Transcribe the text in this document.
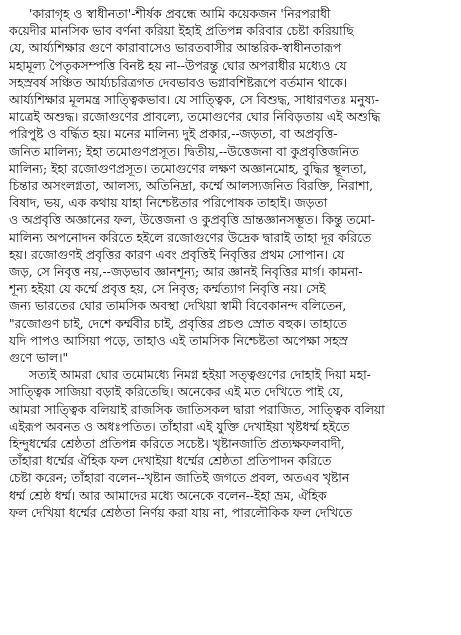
'কারাগৃহ ও স্বাধীনতা'-শীর্ষক প্রবন্ধে আমি কয়েকজন 'নিরপরাধী
কয়েদীর মানসিক ভাব বর্ণনা করিয়া ইহাই প্রতিপন্ন করিবার চেষ্টা করিয়াছি
যে, আর্য্যশিক্ষার গুণে কারাবাসেও ভারতবাসীর আন্তরিক-স্বাধীনতারূপ
মহামূল্য পৈতৃকসম্পত্তি বিনষ্ট হয় না--উপরন্তু ঘোর অপরাধীর মধ্যেও যে
সহস্রবর্ষ সঞ্চিত আর্য্যচরিত্রগত দেবভাবও ভগ্নাবশিষ্টরূপে বর্তমান থাকে।
আর্য্যশিক্ষার মূলমন্ত্র সাত্ত্বিকভাব। যে সাত্ত্বিক, সে বিশুদ্ধ, সাধারণতঃ মনুষ্য-
মাত্রেই অশুদ্ধ। রজোগুণের প্রাবল্যে, তমোগুণের ঘোর নিবিড়তায় এই অশুদ্ধি
পরিপুষ্ট ও বর্দ্ধিত হয়। মনের মালিন্য দুই প্রকার,--জড়তা, বা অপ্রবৃত্তি-
জনিত মালিন্য; ইহা তমোগুণপ্রসূত। দ্বিতীয়,--উত্তেজনা বা কুপ্রবৃত্তিজনিত
মালিন্য; ইহা রজোগুণপ্রসূত। তমোগুণের লক্ষণ অজ্ঞানমোহ, বুদ্ধির স্থূলতা,
চিন্তার অসংলগ্নতা, আলস্য, অতিনিদ্রা, কর্ম্মে আলস্যজনিত বিরক্তি, নিরাশা,
বিষাদ, ভয়, এক কথায় যাহা নিশ্চেষ্টতার পরিপোষক তাহাই। জড়তা
ও অপ্রবৃত্তি অজ্ঞানের ফল, উত্তেজনা ও কুপ্রবৃত্তি ভ্রান্তজ্ঞানসম্ভূত। কিন্তু তমো-
মালিন্য অপনোদন করিতে হইলে রজোগুণের উদ্রেক দ্বারাই তাহা দূর করিতে
হয়। রজোগুণই প্রবৃত্তির কারণ এবং প্রবৃত্তিই নিবৃত্তির প্রথম সোপান। যে
জড়, সে নিবৃত্ত নয়,--জড়ভাব জ্ঞানশূন্য; আর জ্ঞানই নিবৃত্তির মার্গ। কামনা-
শূন্য হইয়া যে কর্ম্মে প্রবৃত্ত হয়, সে নিবৃত্ত; কর্ম্মত্যাগ নিবৃত্তি নয়। সেই
জন্য ভারতের ঘোর তামসিক অবস্থা দেখিয়া স্বামী বিবেকানন্দ বলিতেন,
"রজোগুণ চাই, দেশে কর্ম্মবীর চাই, প্রবৃত্তির প্রচণ্ড স্রোত বহুক। তাহাতে
যদি পাপও আসিয়া পড়ে, তাহাও এই তামসিক নিশ্চেষ্টতা অপেক্ষা সহস্র
গুণে ভাল।"

সত্যই আমরা ঘোর তমোমধ্যে নিমগ্ন হইয়া সত্ত্বগুণের দোহাই দিয়া মহা-
সাত্ত্বিক সাজিয়া বড়াই করিতেছি। অনেকের এই মত দেখিতে পাই যে,
আমরা সাত্ত্বিক বলিয়াই রাজসিক জাতিসকল দ্বারা পরাজিত, সাত্ত্বিক বলিয়া
এইরূপ অবনত ও অধঃপতিত। তাঁহারা এই যুক্তি দেখাইয়া খৃষ্টধর্ম্ম হইতে
হিন্দুধর্ম্মের শ্রেষ্ঠতা প্রতিপন্ন করিতে সচেষ্ট। খৃষ্টানজাতি প্রত্যক্ষফলবাদী,
তাঁহারা ধর্ম্মের ঐহিক ফল দেখাইয়া ধর্ম্মের শ্রেষ্ঠতা প্রতিপাদন করিতে
চেষ্টা করেন; তাঁহারা বলেন--খৃষ্টান জাতিই জগতে প্রবল, অতএব খৃষ্টান
ধর্ম্ম শ্রেষ্ঠ ধর্ম্ম। আর আমাদের মধ্যে অনেকে বলেন--ইহা ভ্রম, ঐহিক
ফল দেখিয়া ধর্ম্মের শ্রেষ্ঠতা নির্ণয় করা যায় না, পারলৌকিক ফল দেখিতে
